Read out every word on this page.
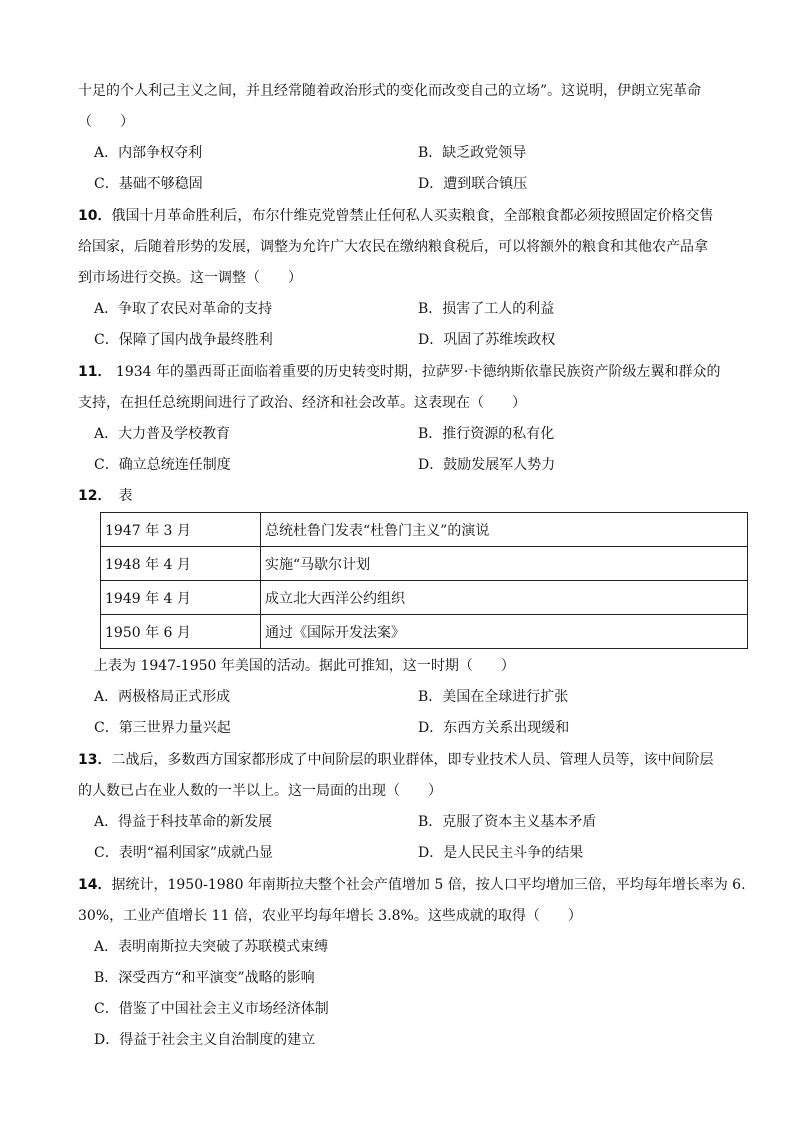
十足的个人利己主义之间，并且经常随着政治形式的变化而改变自己的立场”。这说明，伊朗立宪革命
（　　）
A．内部争权夺利	B．缺乏政党领导
C．基础不够稳固	D．遭到联合镇压
10．俄国十月革命胜利后，布尔什维克党曾禁止任何私人买卖粮食，全部粮食都必须按照固定价格交售
给国家，后随着形势的发展，调整为允许广大农民在缴纳粮食税后，可以将额外的粮食和其他农产品拿
到市场进行交换。这一调整（　　）
A．争取了农民对革命的支持	B．损害了工人的利益
C．保障了国内战争最终胜利	D．巩固了苏维埃政权
11． 1934 年的墨西哥正面临着重要的历史转变时期，拉萨罗·卡德纳斯依靠民族资产阶级左翼和群众的
支持，在担任总统期间进行了政治、经济和社会改革。这表现在（　　）
A．大力普及学校教育	B．推行资源的私有化
C．确立总统连任制度	D．鼓励发展军人势力
12．　表
1947 年 3 月	总统杜鲁门发表“杜鲁门主义”的演说
1948 年 4 月	实施“马歇尔计划
1949 年 4 月	成立北大西洋公约组织
1950 年 6 月	通过《国际开发法案》
上表为 1947-1950 年美国的活动。据此可推知，这一时期（　　）
A．两极格局正式形成	B．美国在全球进行扩张
C．第三世界力量兴起	D．东西方关系出现缓和
13．二战后，多数西方国家都形成了中间阶层的职业群体，即专业技术人员、管理人员等，该中间阶层
的人数已占在业人数的一半以上。这一局面的出现（　　）
A．得益于科技革命的新发展	B．克服了资本主义基本矛盾
C．表明“福利国家”成就凸显	D．是人民民主斗争的结果
14．据统计，1950-1980 年南斯拉夫整个社会产值增加 5 倍，按人口平均增加三倍，平均每年增长率为 6.
30%，工业产值增长 11 倍，农业平均每年增长 3.8%。这些成就的取得（　　）
A．表明南斯拉夫突破了苏联模式束缚
B．深受西方“和平演变”战略的影响
C．借鉴了中国社会主义市场经济体制
D．得益于社会主义自治制度的建立
